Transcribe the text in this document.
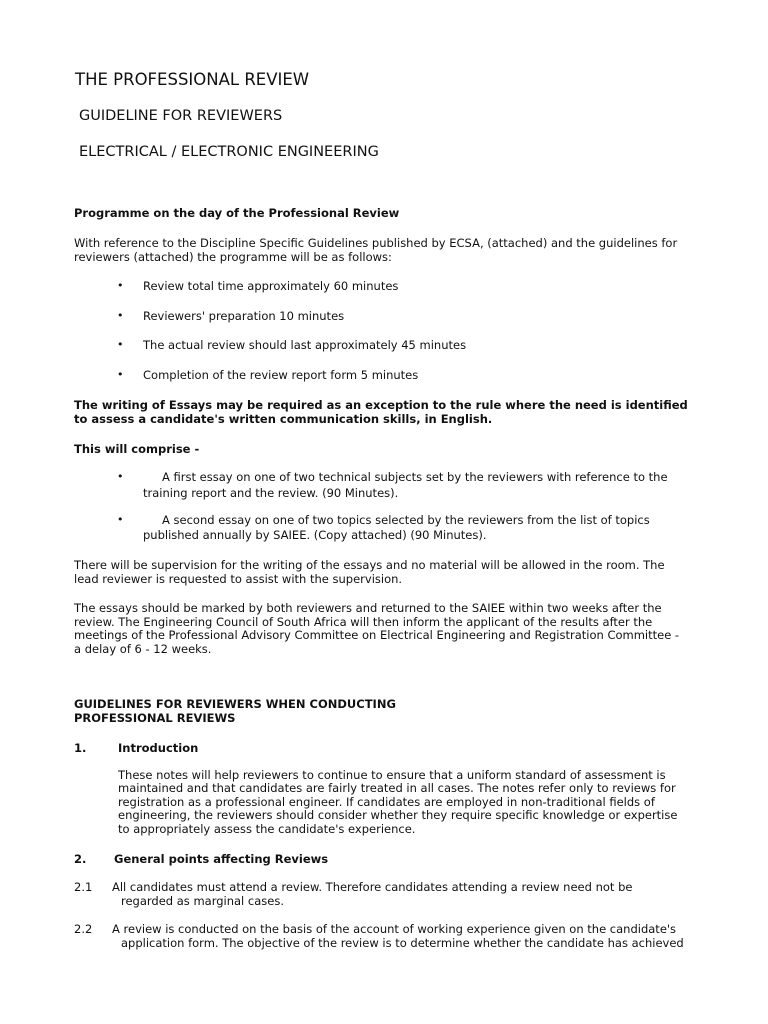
THE PROFESSIONAL REVIEW

GUIDELINE FOR REVIEWERS

ELECTRICAL / ELECTRONIC ENGINEERING

Programme on the day of the Professional Review

With reference to the Discipline Specific Guidelines published by ECSA, (attached) and the guidelines for

reviewers (attached) the programme will be as follows:

• Review total time approximately 60 minutes

• Reviewers' preparation 10 minutes

• The actual review should last approximately 45 minutes

• Completion of the review report form 5 minutes

The writing of Essays may be required as an exception to the rule where the need is identified

to assess a candidate's written communication skills, in English.

This will comprise -

•	A first essay on one of two technical subjects set by the reviewers with reference to the

training report and the review. (90 Minutes).

•	A second essay on one of two topics selected by the reviewers from the list of topics

published annually by SAIEE. (Copy attached) (90 Minutes).

There will be supervision for the writing of the essays and no material will be allowed in the room. The

lead reviewer is requested to assist with the supervision.

The essays should be marked by both reviewers and returned to the SAIEE within two weeks after the

review. The Engineering Council of South Africa will then inform the applicant of the results after the

meetings of the Professional Advisory Committee on Electrical Engineering and Registration Committee -

a delay of 6 - 12 weeks.

GUIDELINES FOR REVIEWERS WHEN CONDUCTING

PROFESSIONAL REVIEWS

1.	Introduction

These notes will help reviewers to continue to ensure that a uniform standard of assessment is

maintained and that candidates are fairly treated in all cases. The notes refer only to reviews for

registration as a professional engineer. If candidates are employed in non-traditional fields of

engineering, the reviewers should consider whether they require specific knowledge or expertise

to appropriately assess the candidate's experience.

2. General points affecting Reviews

2.1 All candidates must attend a review. Therefore candidates attending a review need not be

regarded as marginal cases.

2.2 A review is conducted on the basis of the account of working experience given on the candidate's

application form. The objective of the review is to determine whether the candidate has achieved
